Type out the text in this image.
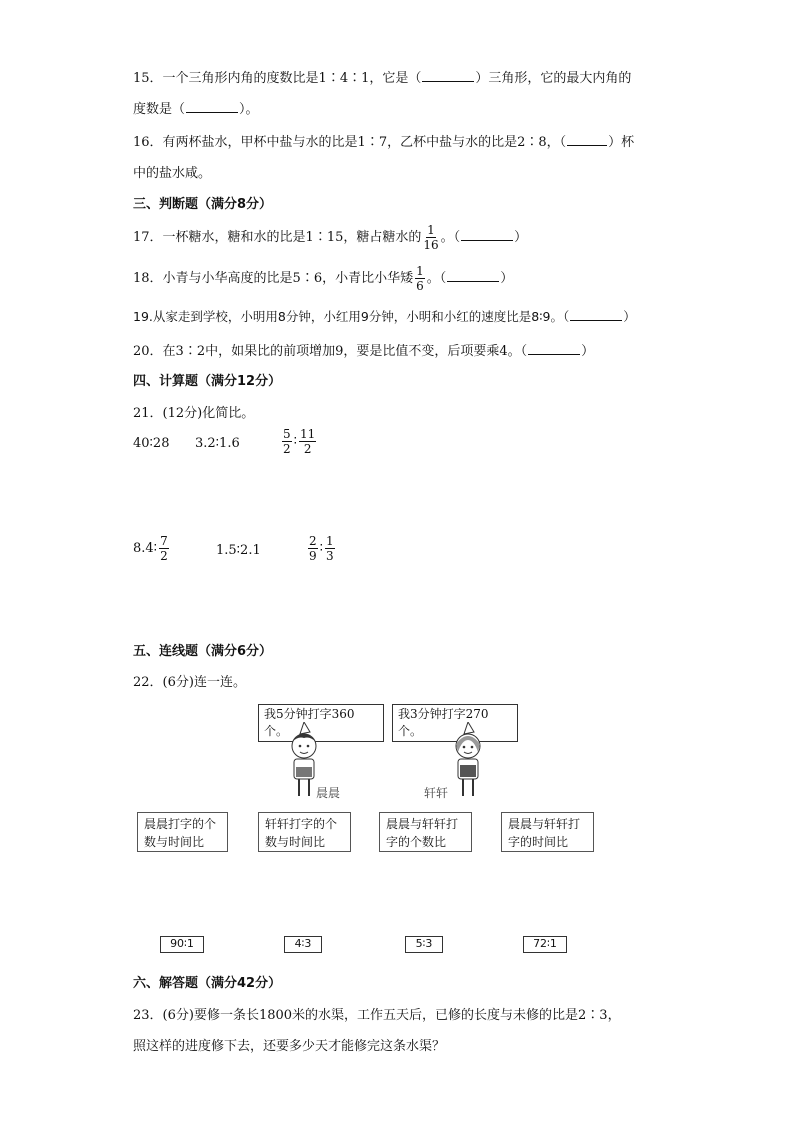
15．一个三角形内角的度数比是1∶4∶1，它是（	）三角形，它的最大内角的
度数是（	）。
16．有两杯盐水，甲杯中盐与水的比是1∶7，乙杯中盐与水的比是2∶8，（	）杯
中的盐水咸。
三、判断题（满分8分）
17．一杯糖水，糖和水的比是1∶15，糖占糖水的 $\frac{1}{16}$ 。（	）
18．小青与小华高度的比是5∶6，小青比小华矮 $\frac{1}{6}$ 。（	）
19.从家走到学校，小明用8分钟，小红用9分钟，小明和小红的速度比是8∶9。（	）
20．在3∶2中，如果比的前项增加9，要是比值不变，后项要乘4。（	）
四、计算题（满分12分）
21．(12分)化简比。
40∶28 3.2∶1.6	$\frac{5}{2}$ ∶ $\frac{11}{2}$
8.4∶ $\frac{7}{2}$	1.5∶2.1	$\frac{2}{9}$ ∶ $\frac{1}{3}$
五、连线题（满分6分）
22．(6分)连一连。
我5分钟打字360个。
我3分钟打字270个。
晨晨	轩轩
晨晨打字的个
数与时间比
轩轩打字的个
数与时间比
晨晨与轩轩打
字的个数比
晨晨与轩轩打
字的时间比
90∶1	4∶3	5∶3	72∶1
六、解答题（满分42分）
23．(6分)要修一条长1800米的水渠，工作五天后，已修的长度与未修的比是2∶3，
照这样的进度修下去，还要多少天才能修完这条水渠？
